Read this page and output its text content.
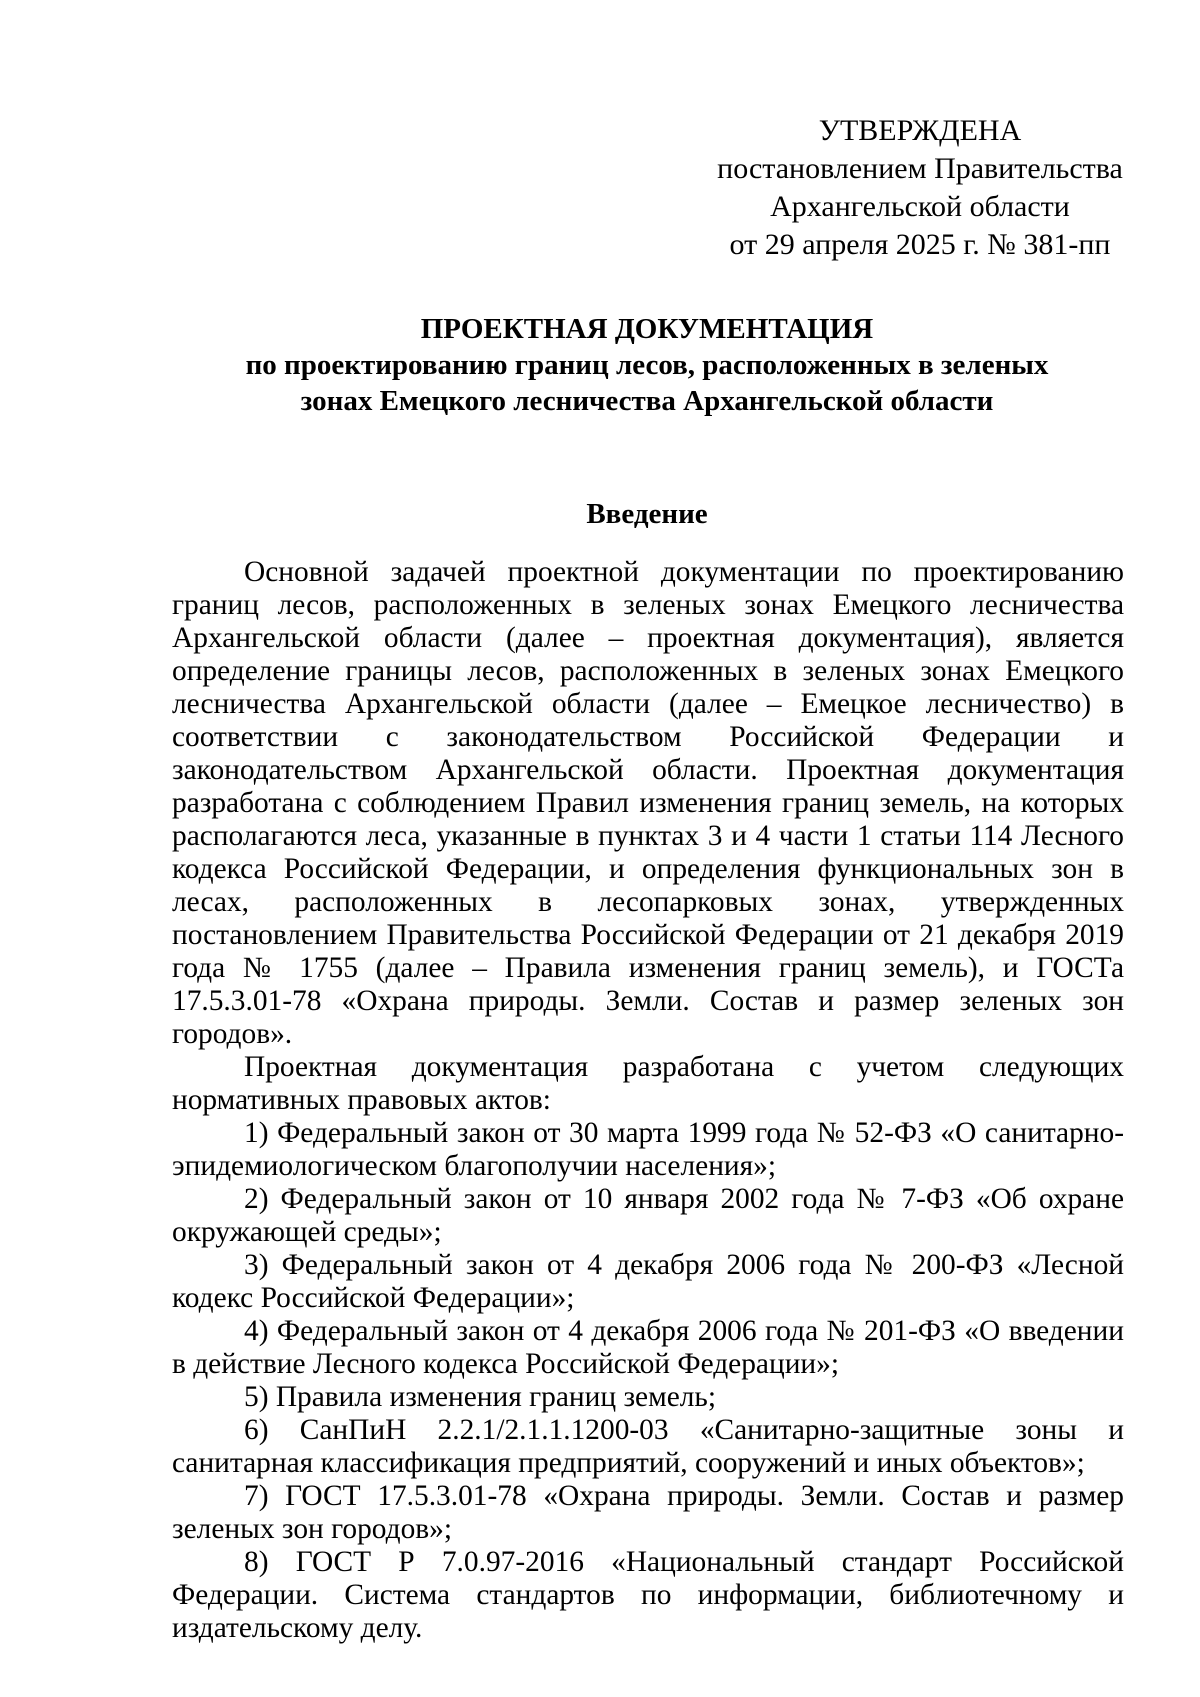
УТВЕРЖДЕНА
постановлением Правительства
Архангельской области
от 29 апреля 2025 г. № 381-пп
ПРОЕКТНАЯ ДОКУМЕНТАЦИЯ
по проектированию границ лесов, расположенных в зеленых
зонах Емецкого лесничества Архангельской области
Введение

Основной задачей проектной документации по проектированию границ лесов, расположенных в зеленых зонах Емецкого лесничества Архангельской области (далее – проектная документация), является определение границы лесов, расположенных в зеленых зонах Емецкого лесничества Архангельской области (далее – Емецкое лесничество) в соответствии с законодательством Российской Федерации и законодательством Архангельской области. Проектная документация разработана с соблюдением Правил изменения границ земель, на которых располагаются леса, указанные в пунктах 3 и 4 части 1 статьи 114 Лесного кодекса Российской Федерации, и определения функциональных зон в лесах, расположенных в лесопарковых зонах, утвержденных постановлением Правительства Российской Федерации от 21 декабря 2019 года № 1755 (далее – Правила изменения границ земель), и ГОСТа 17.5.3.01-78 «Охрана природы. Земли. Состав и размер зеленых зон городов».

Проектная документация разработана с учетом следующих нормативных правовых актов:

1) Федеральный закон от 30 марта 1999 года № 52-ФЗ «О санитарно-эпидемиологическом благополучии населения»;

2) Федеральный закон от 10 января 2002 года № 7-ФЗ «Об охране окружающей среды»;

3) Федеральный закон от 4 декабря 2006 года № 200-ФЗ «Лесной кодекс Российской Федерации»;

4) Федеральный закон от 4 декабря 2006 года № 201-ФЗ «О введении в действие Лесного кодекса Российской Федерации»;

5) Правила изменения границ земель;

6) СанПиН 2.2.1/2.1.1.1200-03 «Санитарно-защитные зоны и санитарная классификация предприятий, сооружений и иных объектов»;

7) ГОСТ 17.5.3.01-78 «Охрана природы. Земли. Состав и размер зеленых зон городов»;

8) ГОСТ Р 7.0.97-2016 «Национальный стандарт Российской Федерации. Система стандартов по информации, библиотечному и издательскому делу.
